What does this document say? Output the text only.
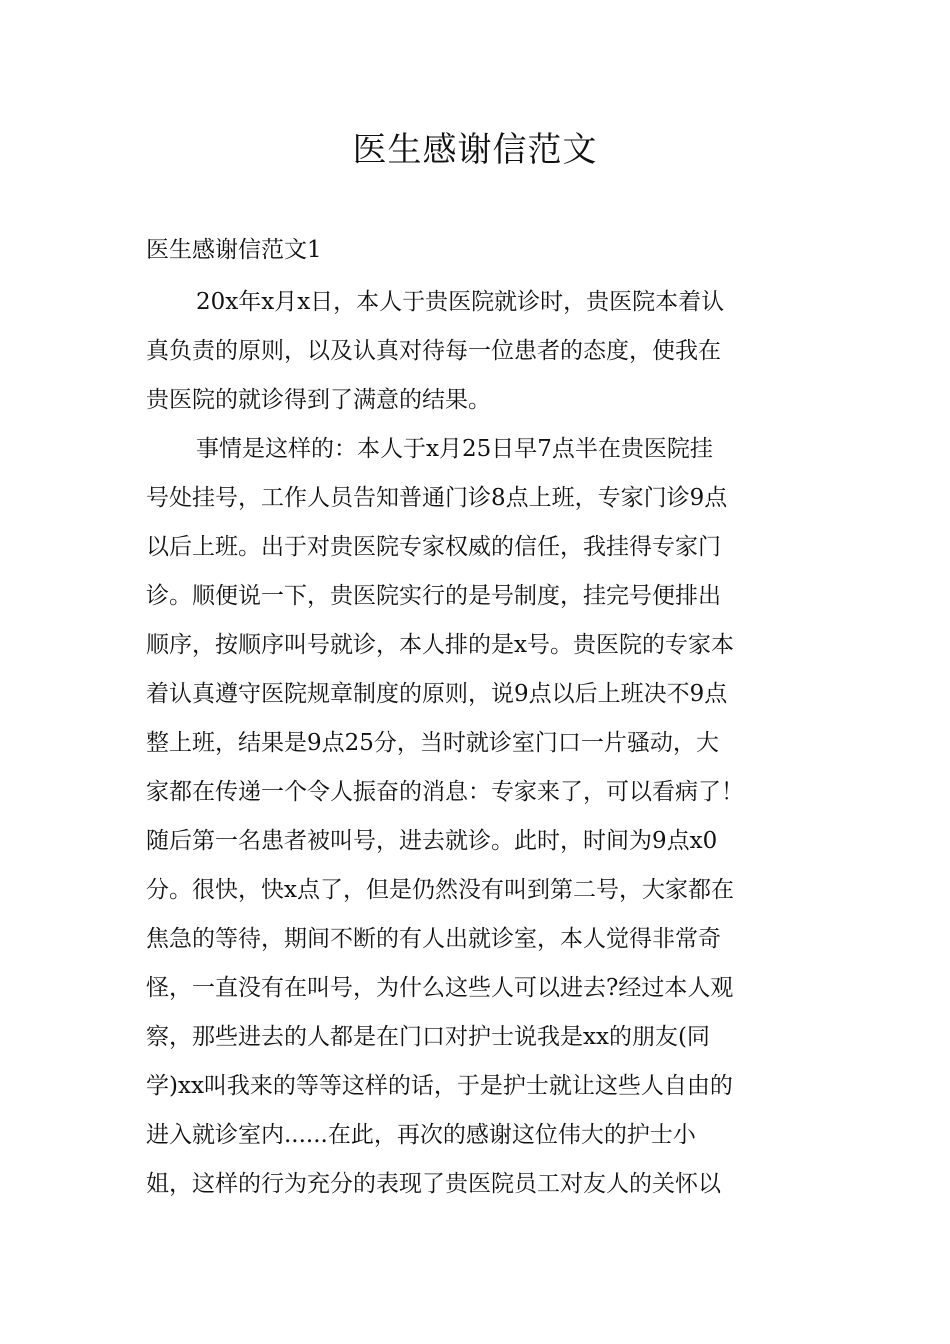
医生感谢信范文

医生感谢信范文1

20x年x月x日，本人于贵医院就诊时，贵医院本着认

真负责的原则，以及认真对待每一位患者的态度，使我在

贵医院的就诊得到了满意的结果。

事情是这样的：本人于x月25日早7点半在贵医院挂

号处挂号，工作人员告知普通门诊8点上班，专家门诊9点

以后上班。出于对贵医院专家权威的信任，我挂得专家门

诊。顺便说一下，贵医院实行的是号制度，挂完号便排出

顺序，按顺序叫号就诊，本人排的是x号。贵医院的专家本

着认真遵守医院规章制度的原则，说9点以后上班决不9点

整上班，结果是9点25分，当时就诊室门口一片骚动，大

家都在传递一个令人振奋的消息：专家来了，可以看病了！

随后第一名患者被叫号，进去就诊。此时，时间为9点x0

分。很快，快x点了，但是仍然没有叫到第二号，大家都在

焦急的等待，期间不断的有人出就诊室，本人觉得非常奇

怪，一直没有在叫号，为什么这些人可以进去?经过本人观

察，那些进去的人都是在门口对护士说我是xx的朋友(同

学)xx叫我来的等等这样的话，于是护士就让这些人自由的

进入就诊室内......在此，再次的感谢这位伟大的护士小

姐，这样的行为充分的表现了贵医院员工对友人的关怀以
